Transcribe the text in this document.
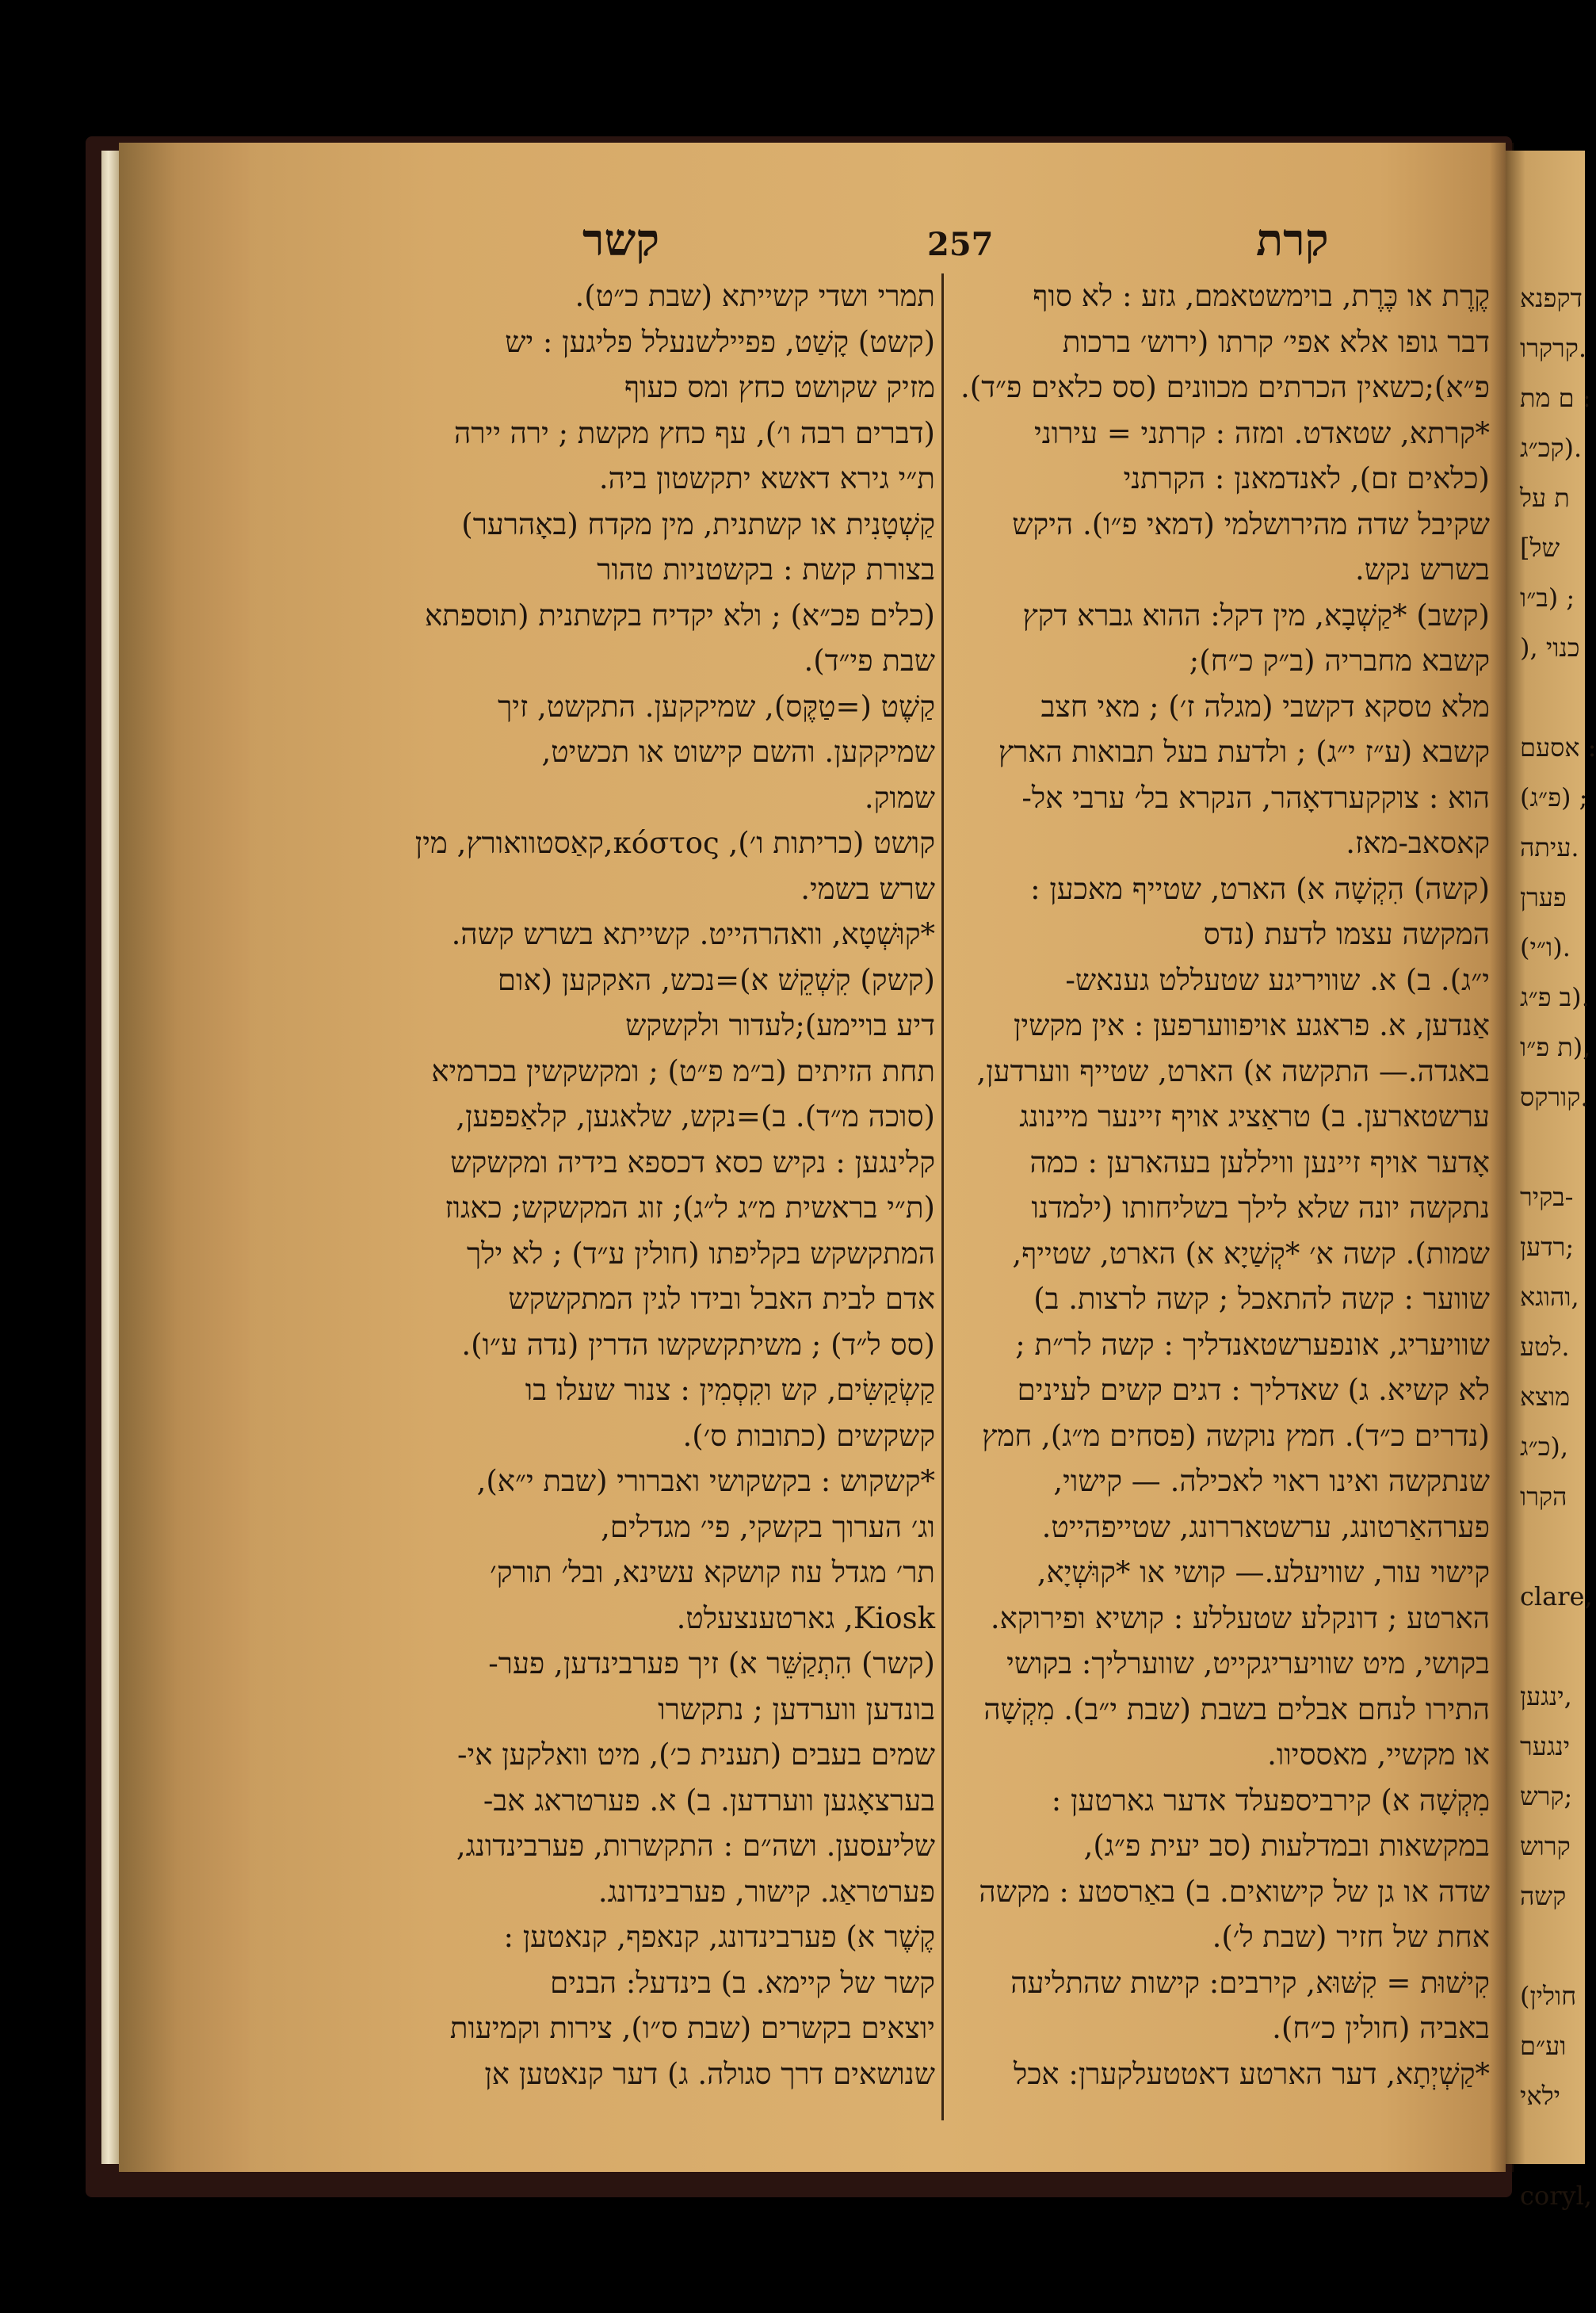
קשר	257	קרת
קֶרֶת או כֶּרֶת, בוימשטאמם, גזע : לא סוף
דבר גופו אלא אפי׳ קרתו (ירוש׳ ברכות
פ״א);כשאין הכרתים מכוונים (סס כלאים פ״ד).
*קרתא, שטאדט. ומזה : קרתני = עירוני
(כלאים זם), לאנדמאנן : הקרתני
שקיבל שדה מהירושלמי (דמאי פ״ו). היקש
בשרש נקש.
(קשב) *קַשְׁבָא, מין דקל: ההוא גברא דקץ
קשבא מחבריה (ב״ק כ״ח);
מלא טסקא דקשבי (מגלה ז׳) ; מאי חצב
קשבא (ע״ז י״ג) ; ולדעת בעל תבואות הארץ
הוא : צוקקערדאָהר, הנקרא בל׳ ערבי אל-
קאסאב-מאז.
(קשה) הִקְשָׁה א) הארט, שטייף מאכען :
המקשה עצמו לדעת (נדס
י״ג). ב) א. שוויריגע שטעללט גענאש-
אַנדען, א. פראגע אויפווערפען : אין מקשין
באגדה.— התקשה א) הארט, שטייף ווערדען,
ערשטארען. ב) טראַציג אויף זיינער מיינונג
אָדער אויף זיינען וויללען בעהארען : כמה
נתקשה יונה שלא לילך בשליחותו (ילמדנו
שמות). קשה א׳ *קְשַׁיָא א) הארט, שטייף,
שווער : קשה להתאכל ; קשה לרצות. ב)
שוויעריג, אונפערשטאנדליך : קשה לר״ת ;
לא קשיא. ג) שאדליך : דגים קשים לעינים
(נדרים כ״ד). חמץ נוקשה (פסחים מ״ג), חמץ
שנתקשה ואינו ראוי לאכילה. — קישוי,
פערהאַרטונג, ערשטאררונג, שטייפהייט.
קישוי עור, שוויעלע.— קושי או *קוּשְׁיָא,
הארטע ; דונקלע שטעללע : קושיא ופירוקא.
בקושי, מיט שוויעריגקייט, שווערליך: בקושי
התירו לנחם אבלים בשבת (שבת י״ב). מִקְשָׁה
או מקשיי, מאססיוו.
מִקְשָׁה א) קירביספעלד אדער גארטען :
במקשאות ובמדלעות (סב יעית פ״ג),
שדה או גן של קישואים. ב) באַרסטע : מקשה
אחת של חזיר (שבת ל׳).
קִישׁוּת = קִשּׁוּא, קירבים: קישות שהתליעה
באביה (חולין כ״ח).
*קַשְׁיְתָא, דער הארטע דאטטעלקערן: אכל
תמרי ושדי קשייתא (שבת כ״ט).
(קשט) קָשַׁט, פפיילשנעלל פליגען : יש
מזיק שקושט כחץ ומס כעוף
(דברים רבה ו׳), עף כחץ מקשת ; ירה יירה
ת״י גירא דאשא יתקשטון ביה.
קַשְׁטָנִית או קשתנית, מין מקדח (באָהרער)
בצורת קשת : בקשטניות טהור
(כלים פכ״א) ; ולא יקדיח בקשתנית (תוספתא
שבת פי״ד).
קַשֶׁט (=טַקֶּס), שמיקקען. התקשט, זיך
שמיקקען. והשם קישוט או תכשיט,
שמוק.
קושט (כריתות ו׳), κόστος,קאַסטוואורץ, מין
שרש בשמי.
*קוּשְׁטָא, וואהרהייט. קשייתא בשרש קשה.
(קשק) קִשְׁקֵשׁ א)=נכש, האקקען (אום
דיע בויימע);לעדור ולקשקש
תחת הזיתים (ב״מ פ״ט) ; ומקשקשין בכרמיא
(סוכה מ״ד). ב)=נקש, שלאגען, קלאַפפען,
קלינגען : נקיש כסא דכספא בידיה ומקשקש
(ת״י בראשית מ״ג ל״ג); זוג המקשקש; כאגוז
המתקשקש בקליפתו (חולין ע״ד) ; לא ילך
אדם לבית האבל ובידו לגין המתקשקש
(סס ל״ד) ; משיתקשקשו הדרין (נדה ע״ו).
קַשְׂקַשִּׂים, קש וקִסְמִין : צנור שעלו בו
קשקשים (כתובות ס׳).
*קשקוש : בקשקושי ואברורי (שבת י״א),
וג׳ הערוך בקשקי, פי׳ מגדלים,
תר׳ מגדל עוז קושקא עשינא, ובל׳ תורק׳
Kiosk, גארטענצעלט.
(קשר) הִתְקַשֵּׁר א) זיך פערבינדען, פער-
בונדען ווערדען ; נתקשרו
שמים בעבים (תענית כ׳), מיט וואלקען אי-
בערצאָגען ווערדען. ב) א. פערטראג אב-
שליעסען. ושה״ם : התקשרות, פערבינדונג,
פערטראַג. קישור, פערבינדונג.
קֶשֶׁר א) פערבינדונג, קנאפף, קנאטען :
קשר של קיימא. ב) בינדעל: הבנים
יוצאים בקשרים (שבת ס״ו), צירות וקמיעות
שנושאים דרך סגולה. ג) דער קנאטען אן
דקפנא
קרקרו.
ם מת :
קכ״ג).
ת על
[של
ב״ו) ;
), כנוי

אסעם :
(פ״ג) ;
עיתה.
פערן
(ו״י).
ב פ״ג).
ת פ״ו),
קורקס.

בקיר-
רדען;
והוגא,
לטע.
מוצא
כ״ג),
הקרו

clare,

ינגען,
ינגער
קרש;
קרוש
קשה

(חולין
וע״ם
ילאי

coryl,
